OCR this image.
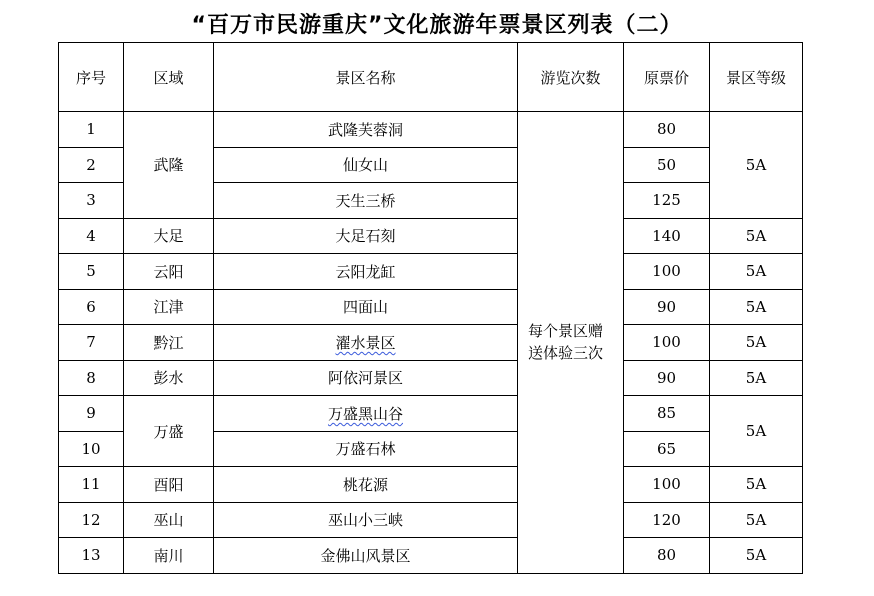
“百万市民游重庆”文化旅游年票景区列表（二）
序号	区域	景区名称	游览次数	原票价	景区等级
1	武隆	武隆芙蓉洞	每个景区赠送体验三次	80	5A
2		仙女山		50	
3		天生三桥		125	
4	大足	大足石刻		140	5A
5	云阳	云阳龙缸		100	5A
6	江津	四面山		90	5A
7	黔江	濯水景区		100	5A
8	彭水	阿依河景区		90	5A
9	万盛	万盛黑山谷		85	5A
10		万盛石林		65	
11	酉阳	桃花源		100	5A
12	巫山	巫山小三峡		120	5A
13	南川	金佛山风景区		80	5A
